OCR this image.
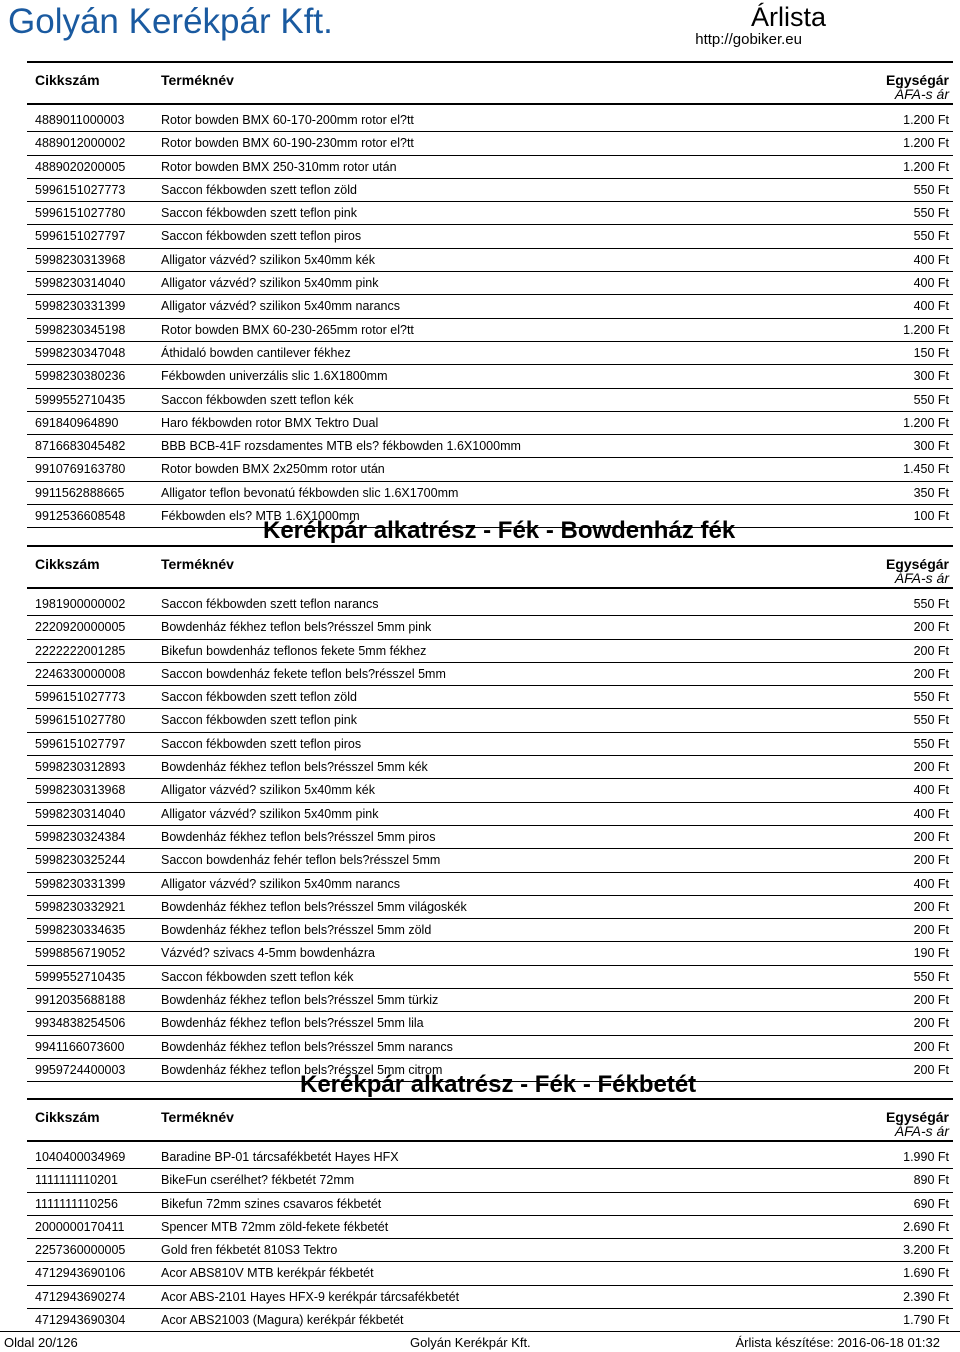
Golyán Kerékpár Kft.	Árlista
http://gobiker.eu
Kerékpár alkatrész - Fék - Bowdenház fék
Kerékpár alkatrész - Fék - Fékbetét
Cikkszám	Terméknév	Egységár
ÁFA-s ár
4889011000003	Rotor bowden BMX 60-170-200mm rotor el?tt	1.200 Ft
4889012000002	Rotor bowden BMX 60-190-230mm rotor el?tt	1.200 Ft
4889020200005	Rotor bowden BMX 250-310mm rotor után	1.200 Ft
5996151027773	Saccon fékbowden szett teflon zöld	550 Ft
5996151027780	Saccon fékbowden szett teflon pink	550 Ft
5996151027797	Saccon fékbowden szett teflon piros	550 Ft
5998230313968	Alligator vázvéd? szilikon 5x40mm kék	400 Ft
5998230314040	Alligator vázvéd? szilikon 5x40mm pink	400 Ft
5998230331399	Alligator vázvéd? szilikon 5x40mm narancs	400 Ft
5998230345198	Rotor bowden BMX 60-230-265mm rotor el?tt	1.200 Ft
5998230347048	Áthidaló bowden cantilever fékhez	150 Ft
5998230380236	Fékbowden univerzális slic 1.6X1800mm	300 Ft
5999552710435	Saccon fékbowden szett teflon kék	550 Ft
691840964890	Haro fékbowden rotor BMX Tektro Dual	1.200 Ft
8716683045482	BBB BCB-41F rozsdamentes MTB els? fékbowden 1.6X1000mm	300 Ft
9910769163780	Rotor bowden BMX 2x250mm rotor után	1.450 Ft
9911562888665	Alligator teflon bevonatú fékbowden slic 1.6X1700mm	350 Ft
9912536608548	Fékbowden els? MTB 1.6X1000mm	100 Ft
Cikkszám	Terméknév	Egységár
ÁFA-s ár
1981900000002	Saccon fékbowden szett teflon narancs	550 Ft
2220920000005	Bowdenház fékhez teflon bels?résszel 5mm pink	200 Ft
2222222001285	Bikefun bowdenház teflonos fekete 5mm fékhez	200 Ft
2246330000008	Saccon bowdenház fekete teflon bels?résszel 5mm	200 Ft
5996151027773	Saccon fékbowden szett teflon zöld	550 Ft
5996151027780	Saccon fékbowden szett teflon pink	550 Ft
5996151027797	Saccon fékbowden szett teflon piros	550 Ft
5998230312893	Bowdenház fékhez teflon bels?résszel 5mm kék	200 Ft
5998230313968	Alligator vázvéd? szilikon 5x40mm kék	400 Ft
5998230314040	Alligator vázvéd? szilikon 5x40mm pink	400 Ft
5998230324384	Bowdenház fékhez teflon bels?résszel 5mm piros	200 Ft
5998230325244	Saccon bowdenház fehér teflon bels?résszel 5mm	200 Ft
5998230331399	Alligator vázvéd? szilikon 5x40mm narancs	400 Ft
5998230332921	Bowdenház fékhez teflon bels?résszel 5mm világoskék	200 Ft
5998230334635	Bowdenház fékhez teflon bels?résszel 5mm zöld	200 Ft
5998856719052	Vázvéd? szivacs 4-5mm bowdenházra	190 Ft
5999552710435	Saccon fékbowden szett teflon kék	550 Ft
9912035688188	Bowdenház fékhez teflon bels?résszel 5mm türkiz	200 Ft
9934838254506	Bowdenház fékhez teflon bels?résszel 5mm lila	200 Ft
9941166073600	Bowdenház fékhez teflon bels?résszel 5mm narancs	200 Ft
9959724400003	Bowdenház fékhez teflon bels?résszel 5mm citrom	200 Ft
Cikkszám	Terméknév	Egységár
ÁFA-s ár
1040400034969	Baradine BP-01 tárcsafékbetét Hayes HFX	1.990 Ft
1111111110201	BikeFun cserélhet? fékbetét 72mm	890 Ft
1111111110256	Bikefun 72mm szines csavaros fékbetét	690 Ft
2000000170411	Spencer MTB 72mm zöld-fekete fékbetét	2.690 Ft
2257360000005	Gold fren fékbetét 810S3 Tektro	3.200 Ft
4712943690106	Acor ABS810V MTB kerékpár fékbetét	1.690 Ft
4712943690274	Acor ABS-2101 Hayes HFX-9 kerékpár tárcsafékbetét	2.390 Ft
4712943690304	Acor ABS21003 (Magura) kerékpár fékbetét	1.790 Ft
Oldal 20/126	Golyán Kerékpár Kft.	Árlista készítése: 2016-06-18 01:32
